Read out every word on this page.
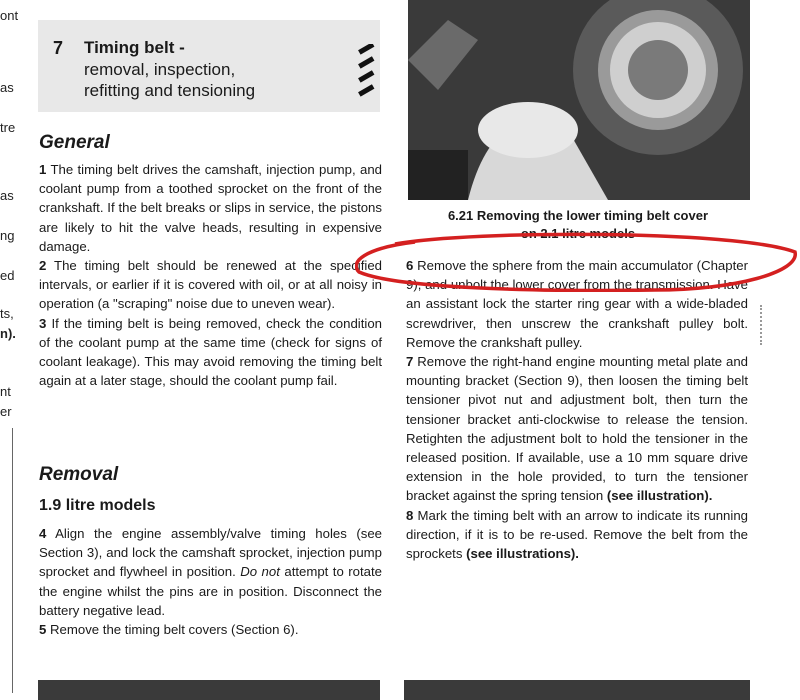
ont
as
tre
as
ng
ed
ts,
n).
nt
er
7 Timing belt -
removal, inspection,
refitting and tensioning
General

1 The timing belt drives the camshaft, injection pump, and coolant pump from a toothed sprocket on the front of the crankshaft. If the belt breaks or slips in service, the pistons are likely to hit the valve heads, resulting in expensive damage.

2 The timing belt should be renewed at the specified intervals, or earlier if it is covered with oil, or at all noisy in operation (a "scraping" noise due to uneven wear).

3 If the timing belt is being removed, check the condition of the coolant pump at the same time (check for signs of coolant leakage). This may avoid removing the timing belt again at a later stage, should the coolant pump fail.

Removal
1.9 litre models

4 Align the engine assembly/valve timing holes (see Section 3), and lock the camshaft sprocket, injection pump sprocket and flywheel in position. Do not attempt to rotate the engine whilst the pins are in position. Disconnect the battery negative lead.

5 Remove the timing belt covers (Section 6).

6.21 Removing the lower timing belt cover
on 2.1 litre models

6 Remove the sphere from the main accumulator (Chapter 9), and unbolt the lower cover from the transmission. Have an assistant lock the starter ring gear with a wide-bladed screwdriver, then unscrew the crankshaft pulley bolt. Remove the crankshaft pulley.

7 Remove the right-hand engine mounting metal plate and mounting bracket (Section 9), then loosen the timing belt tensioner pivot nut and adjustment bolt, then turn the tensioner bracket anti-clockwise to release the tension. Retighten the adjustment bolt to hold the tensioner in the released position. If available, use a 10 mm square drive extension in the hole provided, to turn the tensioner bracket against the spring tension (see illustration).

8 Mark the timing belt with an arrow to indicate its running direction, if it is to be re-used. Remove the belt from the sprockets (see illustrations).
